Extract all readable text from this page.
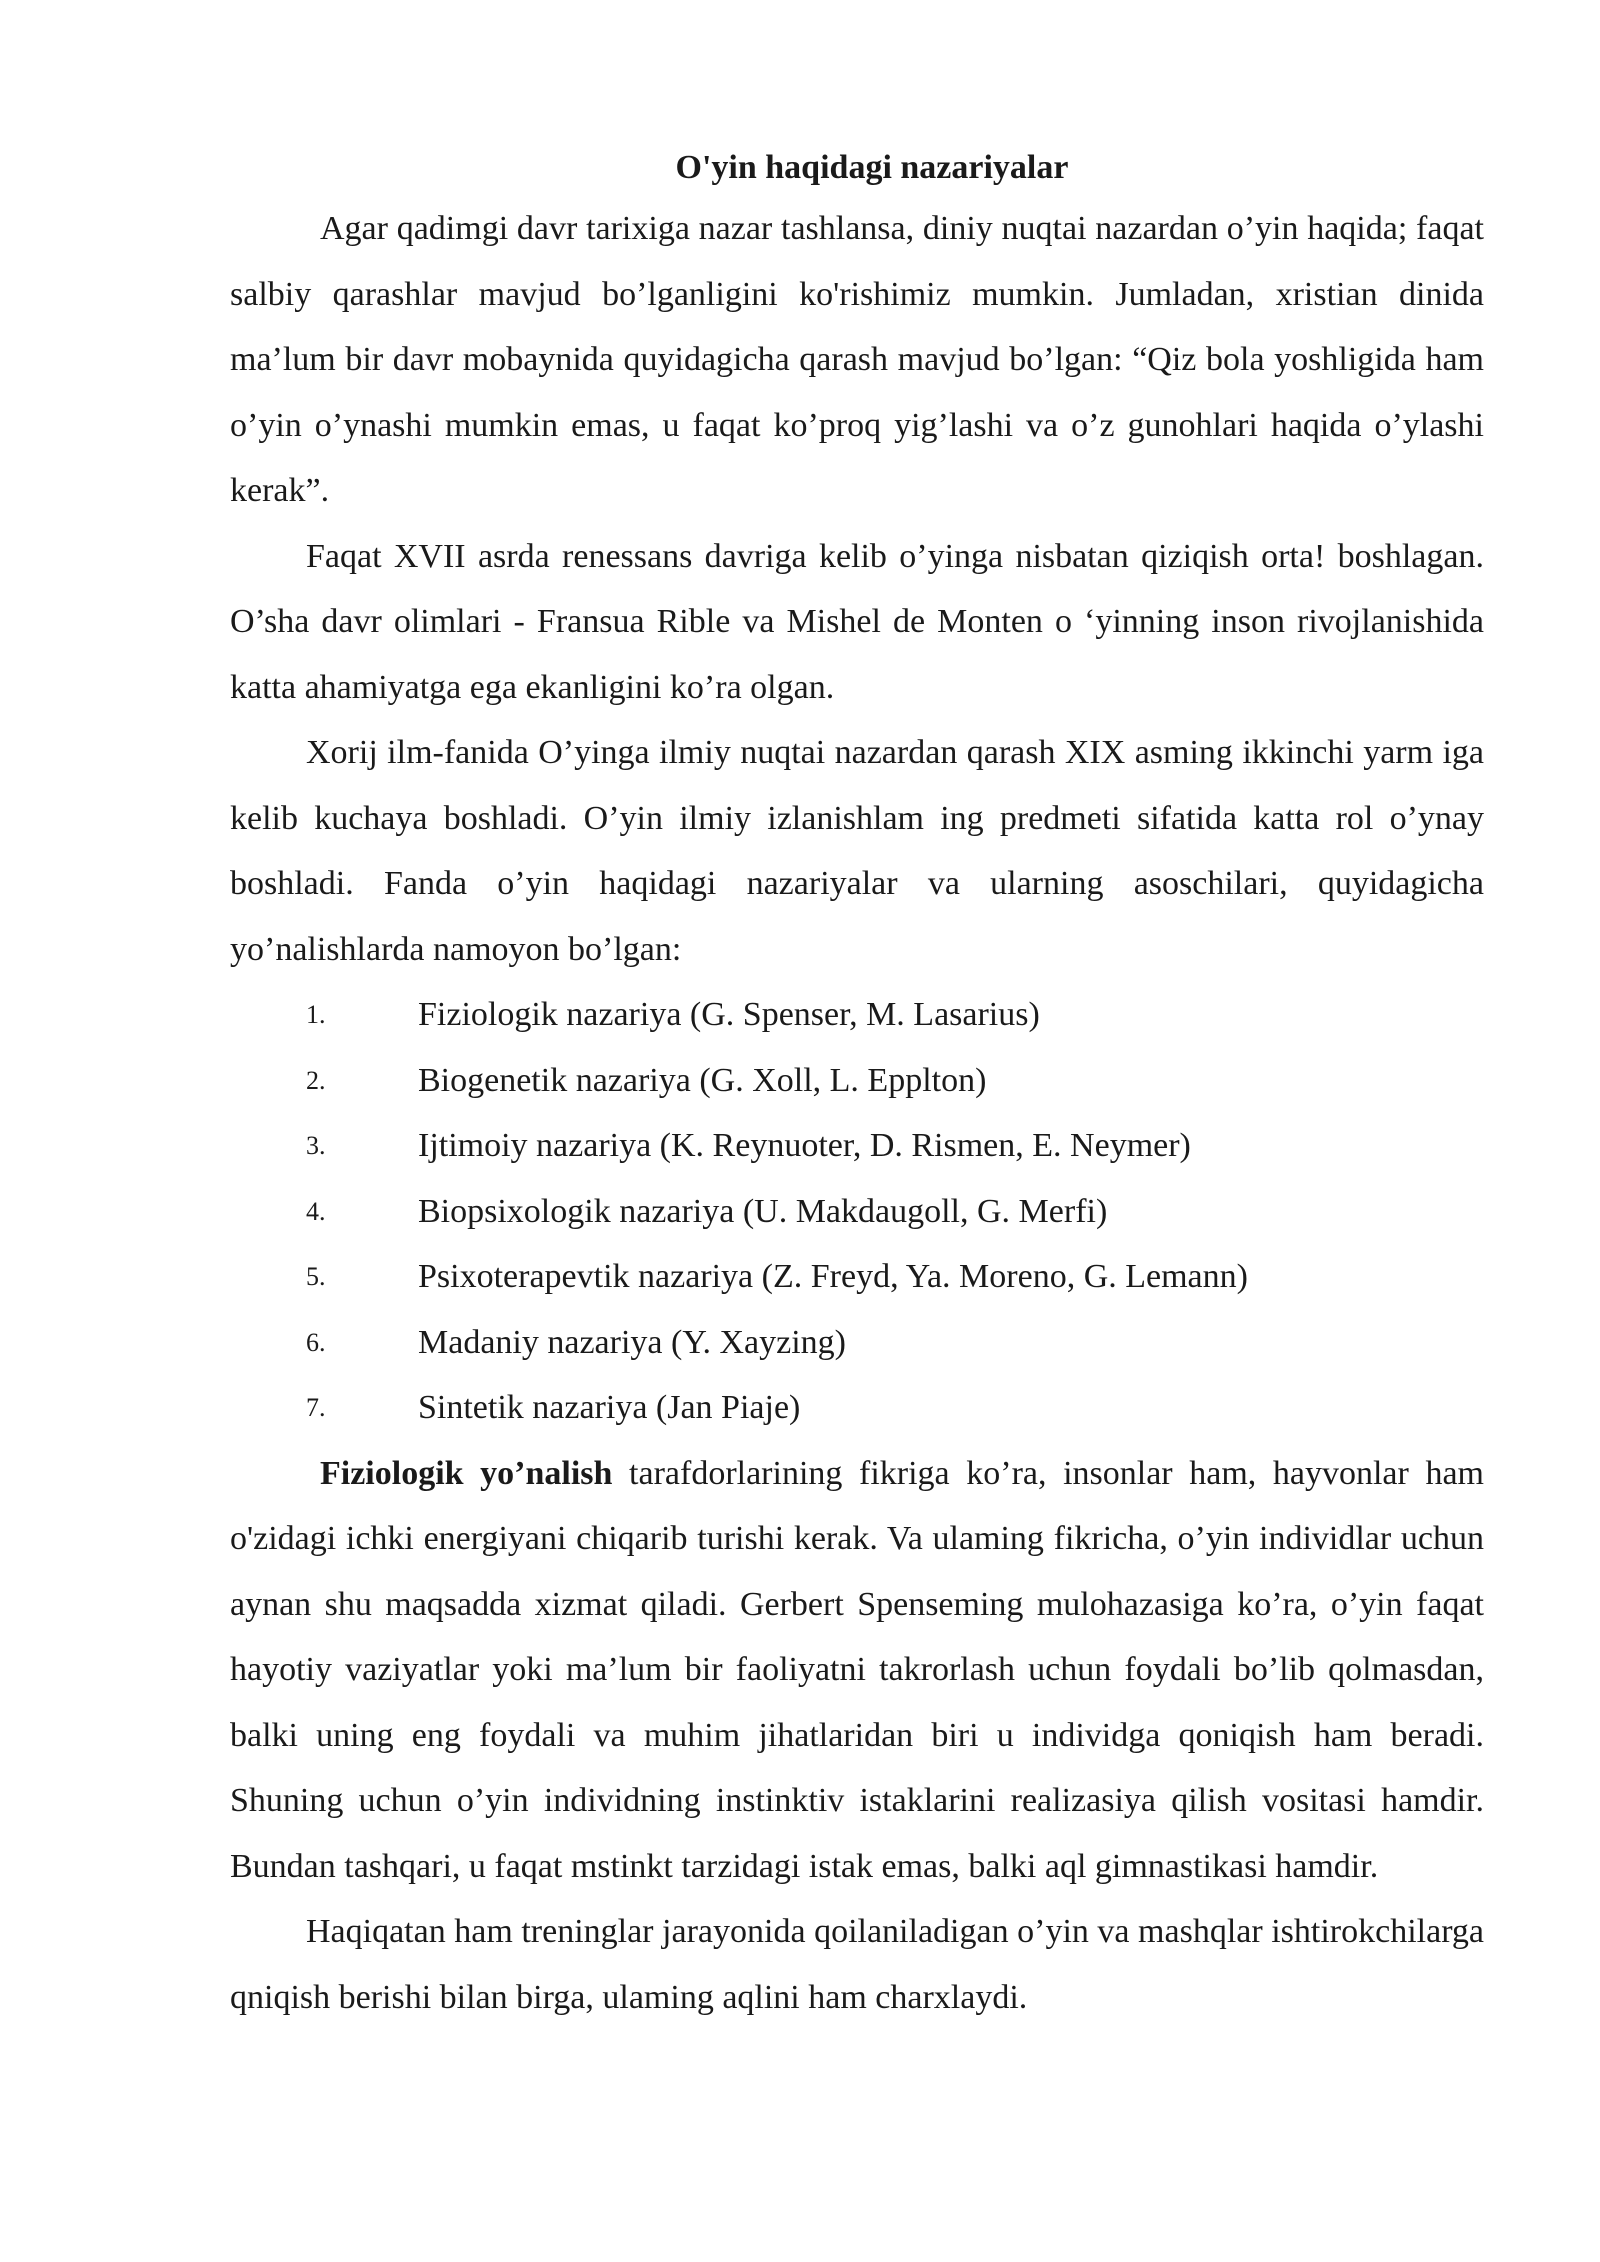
O'yin haqidagi nazariyalar

Agar qadimgi davr tarixiga nazar tashlansa, diniy nuqtai nazardan o’yin haqida; faqat salbiy qarashlar mavjud bo’lganligini ko'rishimiz mumkin. Jumladan, xristian dinida ma’lum bir davr mobaynida quyidagicha qarash mavjud bo’lgan: “Qiz bola yoshligida ham o’yin o’ynashi mumkin emas, u faqat ko’proq yig’lashi va o’z gunohlari haqida o’ylashi kerak”.

Faqat XVII asrda renessans davriga kelib o’yinga nisbatan qiziqish orta! boshlagan. O’sha davr olimlari - Fransua Rible va Mishel de Monten o ‘yinning inson rivojlanishida katta ahamiyatga ega ekanligini ko’ra olgan.

Xorij ilm-fanida O’yinga ilmiy nuqtai nazardan qarash XIX asming ikkinchi yarm iga kelib kuchaya boshladi. O’yin ilmiy izlanishlam ing predmeti sifatida katta rol o’ynay boshladi. Fanda o’yin haqidagi nazariyalar va ularning asoschilari, quyidagicha yo’nalishlarda namoyon bo’lgan:

1.	Fiziologik nazariya (G. Spenser, M. Lasarius)
2.	Biogenetik nazariya (G. Xoll, L. Epplton)
3.	Ijtimoiy nazariya (K. Reynuoter, D. Rismen, E. Neymer)
4.	Biopsixologik nazariya (U. Makdaugoll, G. Merfi)
5.	Psixoterapevtik nazariya (Z. Freyd, Ya. Moreno, G. Lemann)
6.	Madaniy nazariya (Y. Xayzing)
7.	Sintetik nazariya (Jan Piaje)

Fiziologik yo’nalish tarafdorlarining fikriga ko’ra, insonlar ham, hayvonlar ham o'zidagi ichki energiyani chiqarib turishi kerak. Va ulaming fikricha, o’yin individlar uchun aynan shu maqsadda xizmat qiladi. Gerbert Spenseming mulohazasiga ko’ra, o’yin faqat hayotiy vaziyatlar yoki ma’lum bir faoliyatni takrorlash uchun foydali bo’lib qolmasdan, balki uning eng foydali va muhim jihatlaridan biri u individga qoniqish ham beradi. Shuning uchun o’yin individning instinktiv istaklarini realizasiya qilish vositasi hamdir. Bundan tashqari, u faqat mstinkt tarzidagi istak emas, balki aql gimnastikasi hamdir.

Haqiqatan ham treninglar jarayonida qoilaniladigan o’yin va mashqlar ishtirokchilarga qniqish berishi bilan birga, ulaming aqlini ham charxlaydi.
